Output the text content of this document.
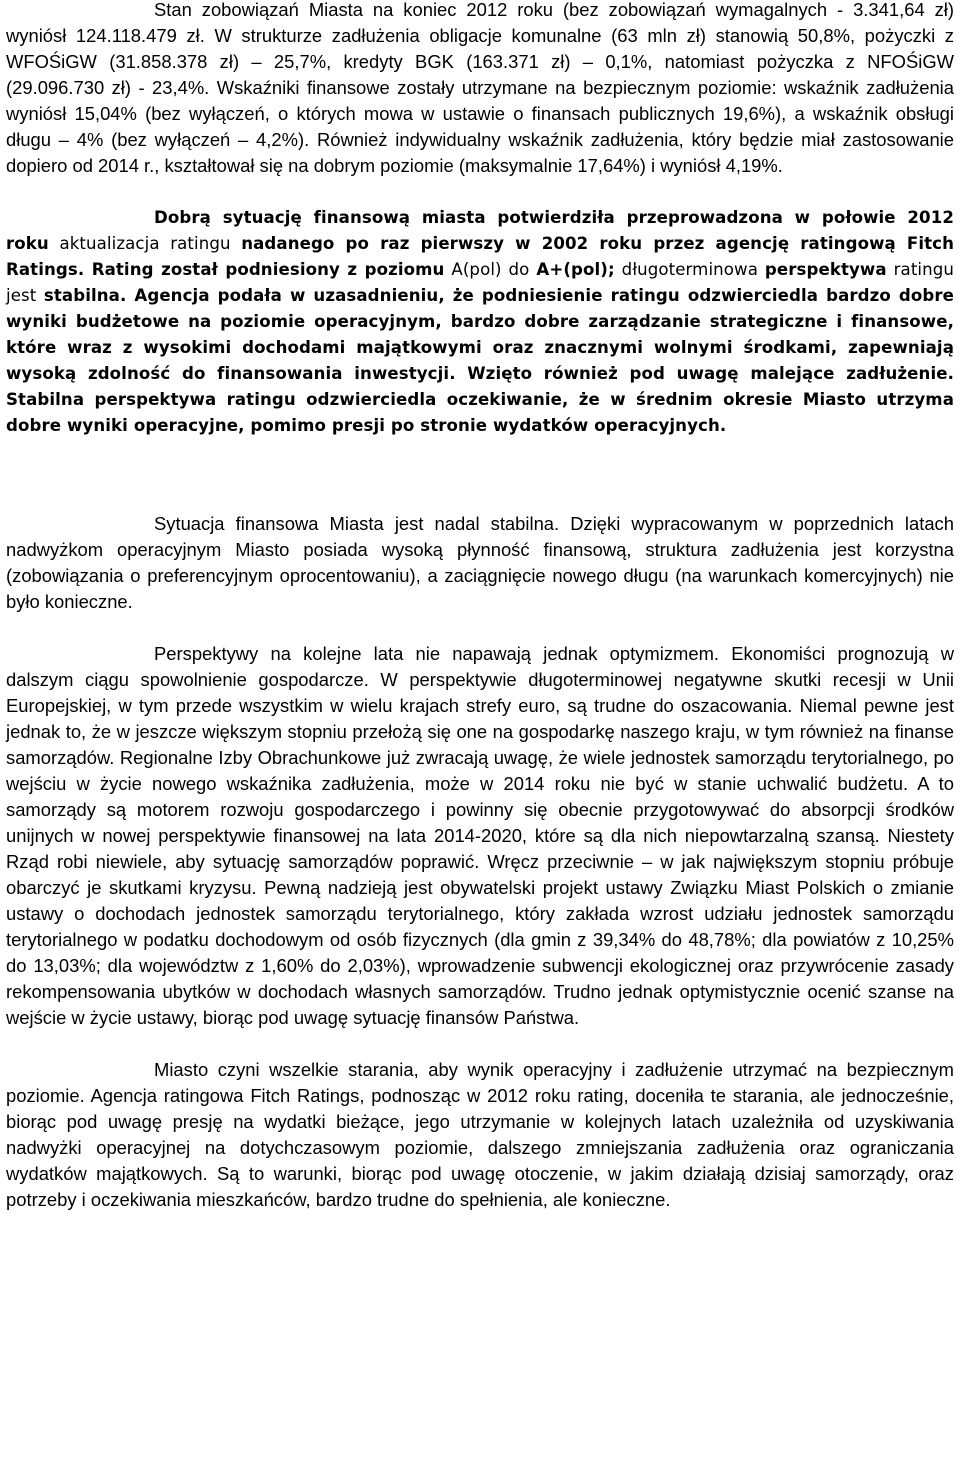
Stan zobowiązań Miasta na koniec 2012 roku (bez zobowiązań wymagalnych - 3.341,64 zł) wyniósł 124.118.479 zł. W strukturze zadłużenia obligacje komunalne (63 mln zł) stanowią 50,8%, pożyczki z WFOŚiGW (31.858.378 zł) – 25,7%, kredyty BGK (163.371 zł) – 0,1%, natomiast pożyczka z NFOŚiGW (29.096.730 zł) - 23,4%. Wskaźniki finansowe zostały utrzymane na bezpiecznym poziomie: wskaźnik zadłużenia wyniósł 15,04% (bez wyłączeń, o których mowa w ustawie o finansach publicznych 19,6%), a wskaźnik obsługi długu – 4% (bez wyłączeń – 4,2%). Również indywidualny wskaźnik zadłużenia, który będzie miał zastosowanie dopiero od 2014 r., kształtował się na dobrym poziomie (maksymalnie 17,64%) i wyniósł 4,19%.

Dobrą sytuację finansową miasta potwierdziła przeprowadzona w połowie 2012 roku aktualizacja ratingu nadanego po raz pierwszy w 2002 roku przez agencję ratingową Fitch Ratings. Rating został podniesiony z poziomu A(pol) do A+(pol); długoterminowa perspektywa ratingu jest stabilna. Agencja podała w uzasadnieniu, że podniesienie ratingu odzwierciedla bardzo dobre wyniki budżetowe na poziomie operacyjnym, bardzo dobre zarządzanie strategiczne i finansowe, które wraz z wysokimi dochodami majątkowymi oraz znacznymi wolnymi środkami, zapewniają wysoką zdolność do finansowania inwestycji. Wzięto również pod uwagę malejące zadłużenie. Stabilna perspektywa ratingu odzwierciedla oczekiwanie, że w średnim okresie Miasto utrzyma dobre wyniki operacyjne, pomimo presji po stronie wydatków operacyjnych.

Sytuacja finansowa Miasta jest nadal stabilna. Dzięki wypracowanym w poprzednich latach nadwyżkom operacyjnym Miasto posiada wysoką płynność finansową, struktura zadłużenia jest korzystna (zobowiązania o preferencyjnym oprocentowaniu), a zaciągnięcie nowego długu (na warunkach komercyjnych) nie było konieczne.

Perspektywy na kolejne lata nie napawają jednak optymizmem. Ekonomiści prognozują w dalszym ciągu spowolnienie gospodarcze. W perspektywie długoterminowej negatywne skutki recesji w Unii Europejskiej, w tym przede wszystkim w wielu krajach strefy euro, są trudne do oszacowania. Niemal pewne jest jednak to, że w jeszcze większym stopniu przełożą się one na gospodarkę naszego kraju, w tym również na finanse samorządów. Regionalne Izby Obrachunkowe już zwracają uwagę, że wiele jednostek samorządu terytorialnego, po wejściu w życie nowego wskaźnika zadłużenia, może w 2014 roku nie być w stanie uchwalić budżetu. A to samorządy są motorem rozwoju gospodarczego i powinny się obecnie przygotowywać do absorpcji środków unijnych w nowej perspektywie finansowej na lata 2014-2020, które są dla nich niepowtarzalną szansą. Niestety Rząd robi niewiele, aby sytuację samorządów poprawić. Wręcz przeciwnie – w jak największym stopniu próbuje obarczyć je skutkami kryzysu. Pewną nadzieją jest obywatelski projekt ustawy Związku Miast Polskich o zmianie ustawy o dochodach jednostek samorządu terytorialnego, który zakłada wzrost udziału jednostek samorządu terytorialnego w podatku dochodowym od osób fizycznych (dla gmin z 39,34% do 48,78%; dla powiatów z 10,25% do 13,03%; dla województw z 1,60% do 2,03%), wprowadzenie subwencji ekologicznej oraz przywrócenie zasady rekompensowania ubytków w dochodach własnych samorządów. Trudno jednak optymistycznie ocenić szanse na wejście w życie ustawy, biorąc pod uwagę sytuację finansów Państwa.

Miasto czyni wszelkie starania, aby wynik operacyjny i zadłużenie utrzymać na bezpiecznym poziomie. Agencja ratingowa Fitch Ratings, podnosząc w 2012 roku rating, doceniła te starania, ale jednocześnie, biorąc pod uwagę presję na wydatki bieżące, jego utrzymanie w kolejnych latach uzależniła od uzyskiwania nadwyżki operacyjnej na dotychczasowym poziomie, dalszego zmniejszania zadłużenia oraz ograniczania wydatków majątkowych. Są to warunki, biorąc pod uwagę otoczenie, w jakim działają dzisiaj samorządy, oraz potrzeby i oczekiwania mieszkańców, bardzo trudne do spełnienia, ale konieczne.
